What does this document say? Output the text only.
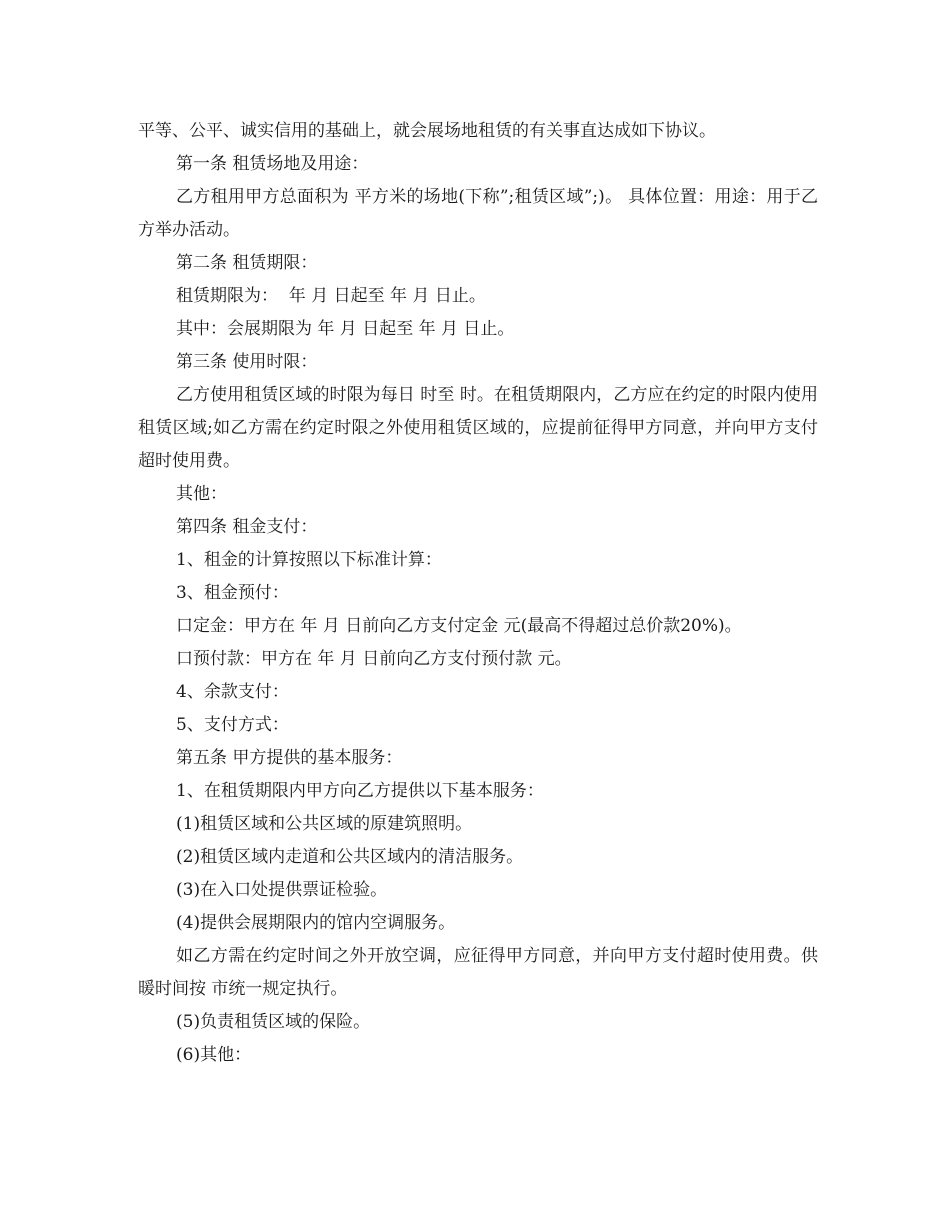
平等、公平、诚实信用的基础上，就会展场地租赁的有关事直达成如下协议。

第一条 租赁场地及用途：

乙方租用甲方总面积为 平方米的场地(下称”;租赁区域”;)。 具体位置：用途：用于乙方举办活动。

第二条 租赁期限：

租赁期限为：  年 月 日起至 年 月 日止。

其中：会展期限为 年 月 日起至 年 月 日止。

第三条 使用时限：

乙方使用租赁区域的时限为每日 时至 时。在租赁期限内，乙方应在约定的时限内使用租赁区域;如乙方需在约定时限之外使用租赁区域的，应提前征得甲方同意，并向甲方支付超时使用费。

其他：

第四条 租金支付：

1、租金的计算按照以下标准计算：

3、租金预付：

口定金：甲方在 年 月 日前向乙方支付定金 元(最高不得超过总价款20%)。

口预付款：甲方在 年 月 日前向乙方支付预付款 元。

4、余款支付：

5、支付方式：

第五条 甲方提供的基本服务：

1、在租赁期限内甲方向乙方提供以下基本服务：

(1)租赁区域和公共区域的原建筑照明。

(2)租赁区域内走道和公共区域内的清洁服务。

(3)在入口处提供票证检验。

(4)提供会展期限内的馆内空调服务。

如乙方需在约定时间之外开放空调，应征得甲方同意，并向甲方支付超时使用费。供暖时间按 市统一规定执行。

(5)负责租赁区域的保险。

(6)其他：
